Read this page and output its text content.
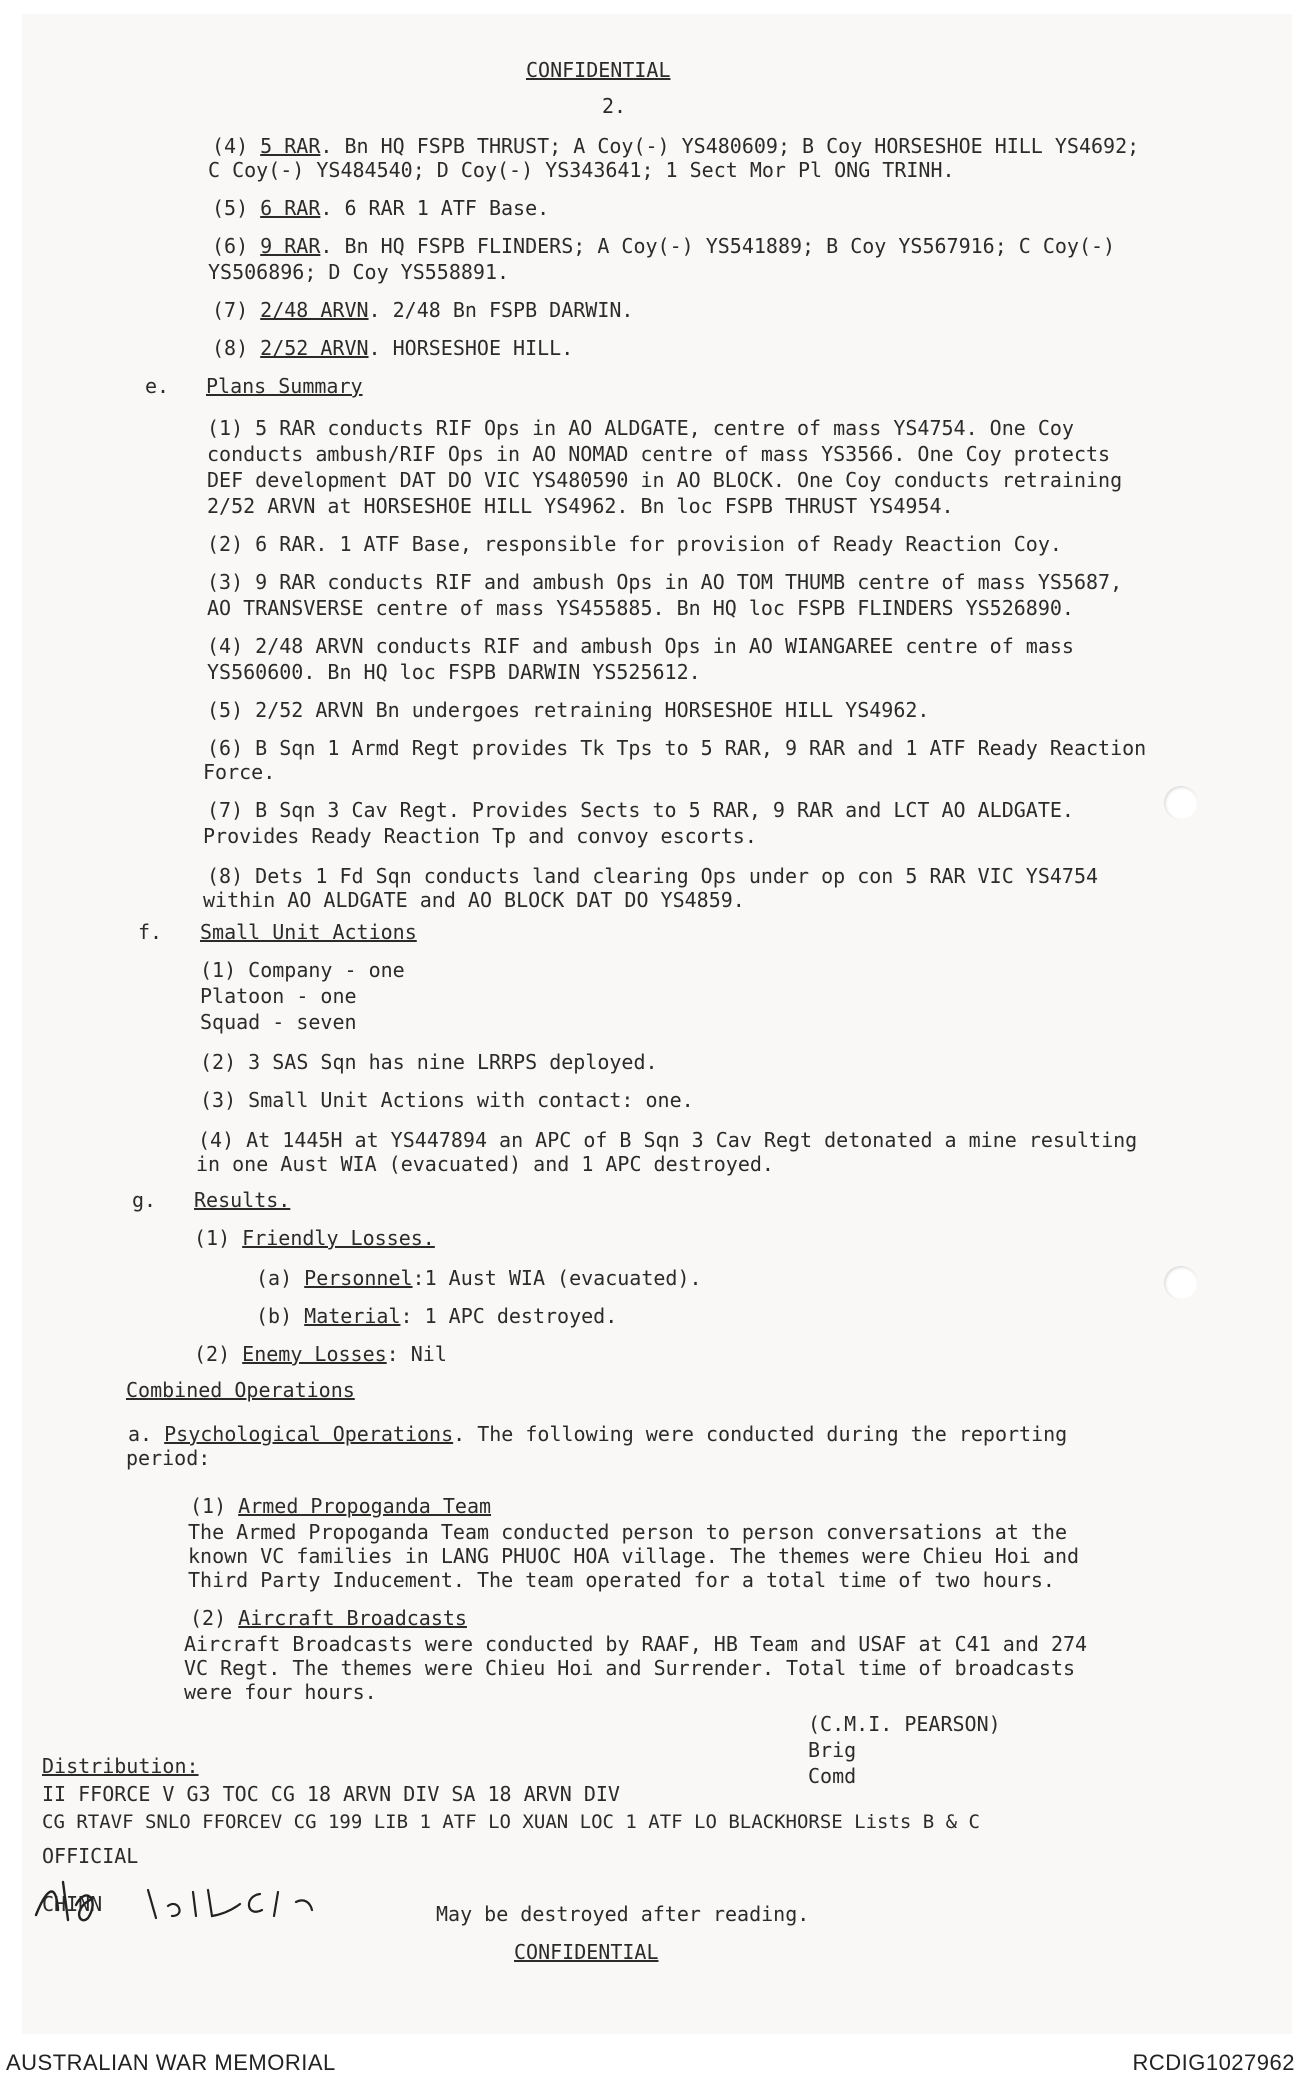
CONFIDENTIAL
2.
(4) 5 RAR. Bn HQ FSPB THRUST; A Coy(-) YS480609; B Coy HORSESHOE HILL YS4692;
C Coy(-) YS484540; D Coy(-) YS343641; 1 Sect Mor Pl ONG TRINH.
(5) 6 RAR. 6 RAR 1 ATF Base.
(6) 9 RAR. Bn HQ FSPB FLINDERS; A Coy(-) YS541889; B Coy YS567916; C Coy(-)
YS506896; D Coy YS558891.
(7) 2/48 ARVN. 2/48 Bn FSPB DARWIN.
(8) 2/52 ARVN. HORSESHOE HILL.
e. Plans Summary
(1) 5 RAR conducts RIF Ops in AO ALDGATE, centre of mass YS4754. One Coy
conducts ambush/RIF Ops in AO NOMAD centre of mass YS3566. One Coy protects
DEF development DAT DO VIC YS480590 in AO BLOCK. One Coy conducts retraining
2/52 ARVN at HORSESHOE HILL YS4962. Bn loc FSPB THRUST YS4954.
(2) 6 RAR. 1 ATF Base, responsible for provision of Ready Reaction Coy.
(3) 9 RAR conducts RIF and ambush Ops in AO TOM THUMB centre of mass YS5687,
AO TRANSVERSE centre of mass YS455885. Bn HQ loc FSPB FLINDERS YS526890.
(4) 2/48 ARVN conducts RIF and ambush Ops in AO WIANGAREE centre of mass
YS560600. Bn HQ loc FSPB DARWIN YS525612.
(5) 2/52 ARVN Bn undergoes retraining HORSESHOE HILL YS4962.
(6) B Sqn 1 Armd Regt provides Tk Tps to 5 RAR, 9 RAR and 1 ATF Ready Reaction
Force.
(7) B Sqn 3 Cav Regt. Provides Sects to 5 RAR, 9 RAR and LCT AO ALDGATE.
Provides Ready Reaction Tp and convoy escorts.
(8) Dets 1 Fd Sqn conducts land clearing Ops under op con 5 RAR VIC YS4754
within AO ALDGATE and AO BLOCK DAT DO YS4859.
f. Small Unit Actions
(1) Company - one
Platoon - one
Squad - seven
(2) 3 SAS Sqn has nine LRRPS deployed.
(3) Small Unit Actions with contact: one.
(4) At 1445H at YS447894 an APC of B Sqn 3 Cav Regt detonated a mine resulting
in one Aust WIA (evacuated) and 1 APC destroyed.
g. Results.
(1) Friendly Losses.
(a) Personnel:1 Aust WIA (evacuated).
(b) Material: 1 APC destroyed.
(2) Enemy Losses: Nil
Combined Operations
a. Psychological Operations. The following were conducted during the reporting
period:
(1) Armed Propoganda Team
The Armed Propoganda Team conducted person to person conversations at the
known VC families in LANG PHUOC HOA village. The themes were Chieu Hoi and
Third Party Inducement. The team operated for a total time of two hours.
(2) Aircraft Broadcasts
Aircraft Broadcasts were conducted by RAAF, HB Team and USAF at C41 and 274
VC Regt. The themes were Chieu Hoi and Surrender. Total time of broadcasts
were four hours.
(C.M.I. PEARSON)
Brig
Comd
Distribution:
II FFORCE V G3 TOC CG 18 ARVN DIV SA 18 ARVN DIV
CG RTAVF SNLO FFORCEV CG 199 LIB 1 ATF LO XUAN LOC 1 ATF LO BLACKHORSE Lists B & C
OFFICIAL
CHINN	May be destroyed after reading.
CONFIDENTIAL
AUSTRALIAN WAR MEMORIAL	RCDIG1027962
